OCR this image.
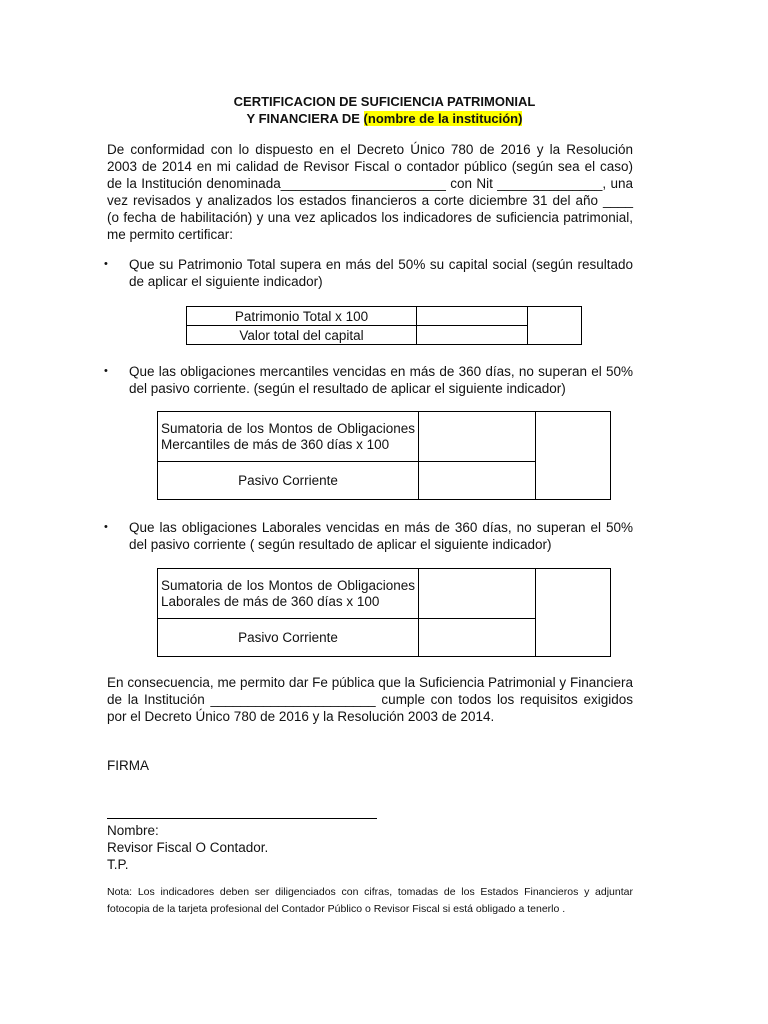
CERTIFICACION DE SUFICIENCIA PATRIMONIAL
Y FINANCIERA DE (nombre de la institución)

De conformidad con lo dispuesto en el Decreto Único 780 de 2016 y la Resolución 2003 de 2014 en mi calidad de Revisor Fiscal o contador público (según sea el caso) de la Institución denominada______________________ con Nit ______________, una vez revisados y analizados los estados financieros a corte diciembre 31 del año ____ (o fecha de habilitación) y una vez aplicados los indicadores de suficiencia patrimonial, me permito certificar:

•	Que su Patrimonio Total supera en más del 50% su capital social (según resultado de aplicar el siguiente indicador)
Patrimonio Total x 100		
Valor total del capital		
•	Que las obligaciones mercantiles vencidas en más de 360 días, no superan el 50% del pasivo corriente. (según el resultado de aplicar el siguiente indicador)
Sumatoria de los Montos de Obligaciones Mercantiles de más de 360 días x 100		
Pasivo Corriente		
•	Que las obligaciones Laborales vencidas en más de 360 días, no superan el 50% del pasivo corriente ( según resultado de aplicar el siguiente indicador)
Sumatoria de los Montos de Obligaciones Laborales de más de 360 días x 100		
Pasivo Corriente		

En consecuencia, me permito dar Fe pública que la Suficiencia Patrimonial y Financiera de la Institución ______________________ cumple con todos los requisitos exigidos por el Decreto Único 780 de 2016 y la Resolución 2003 de 2014.

FIRMA
Nombre:
Revisor Fiscal O Contador.
T.P.
Nota: Los indicadores deben ser diligenciados con cifras, tomadas de los Estados Financieros y adjuntar fotocopia de la tarjeta profesional del Contador Público o Revisor Fiscal si está obligado a tenerlo .
